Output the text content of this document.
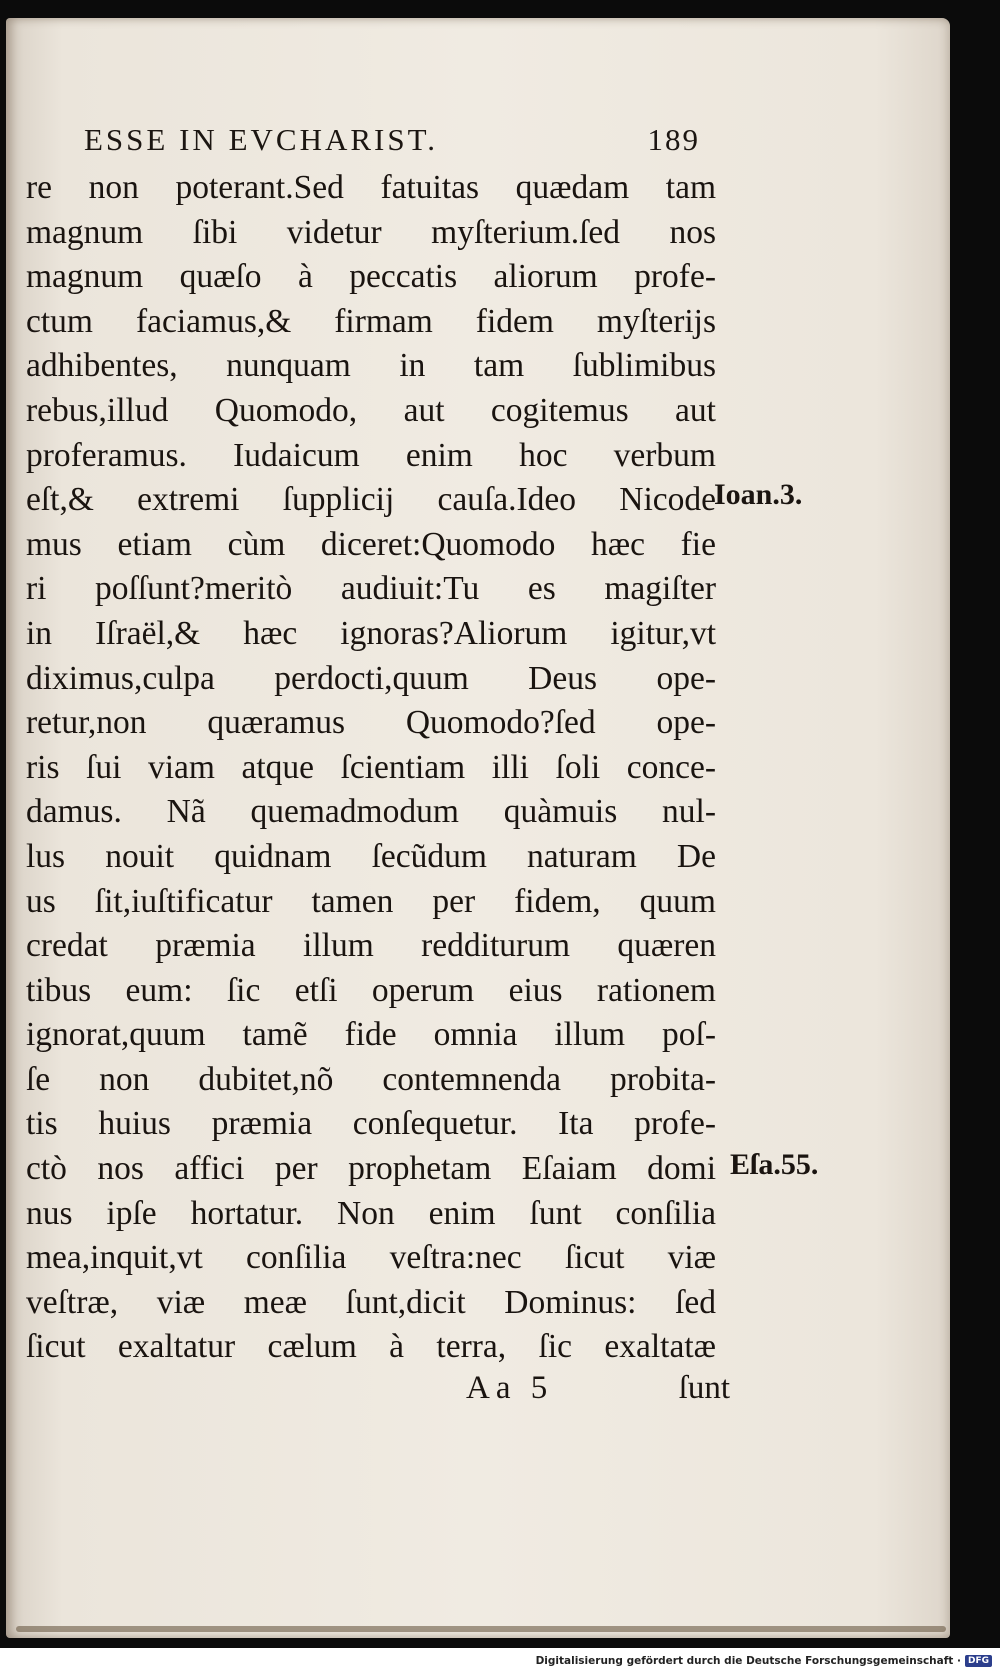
ESSE IN EVCHARIST.	189
re non poterant.Sed fatuitas quædam tam
magnum ſibi videtur myſterium.ſed nos
magnum quæſo à peccatis aliorum profe-
ctum faciamus,& firmam fidem myſterijs
adhibentes, nunquam in tam ſublimibus
rebus,illud Quomodo, aut cogitemus aut
proferamus. Iudaicum enim hoc verbum
eſt,& extremi ſupplicij cauſa.Ideo Nicode
mus etiam cùm diceret:Quomodo hæc fie
ri poſſunt?meritò audiuit:Tu es magiſter
in Iſraël,& hæc ignoras?Aliorum igitur,vt
diximus,culpa perdocti,quum Deus ope-
retur,non quæramus Quomodo?ſed ope-
ris ſui viam atque ſcientiam illi ſoli conce-
damus. Nã quemadmodum quàmuis nul-
lus nouit quidnam ſecũdum naturam De
us ſit,iuſtificatur tamen per fidem, quum
credat præmia illum redditurum quæren
tibus eum: ſic etſi operum eius rationem
ignorat,quum tamẽ fide omnia illum poſ-
ſe non dubitet,nõ contemnenda probita-
tis huius præmia conſequetur. Ita profe-
ctò nos affici per prophetam Eſaiam domi
nus ipſe hortatur. Non enim ſunt conſilia
mea,inquit,vt conſilia veſtra:nec ſicut viæ
veſtræ, viæ meæ ſunt,dicit Dominus: ſed
ſicut exaltatur cælum à terra, ſic exaltatæ
Ioan.3.
Eſa.55.
Aa 5	ſunt
Digitalisierung gefördert durch die Deutsche Forschungsgemeinschaft · DFG
